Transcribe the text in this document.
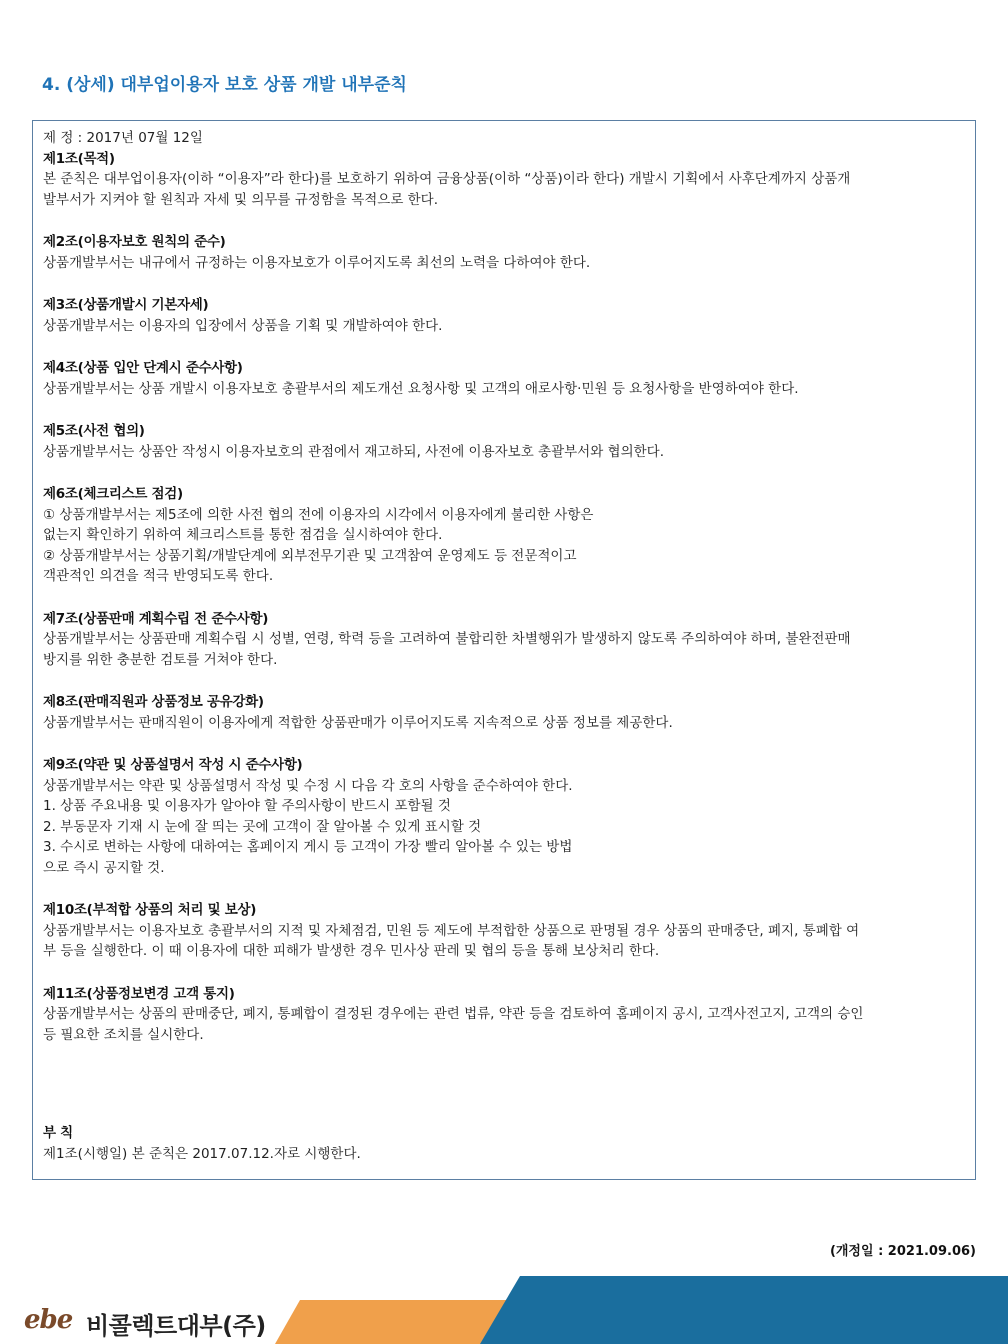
4. (상세) 대부업이용자 보호 상품 개발 내부준칙

제 정 : 2017년 07월 12일

제1조(목적)

본 준칙은 대부업이용자(이하 “이용자”라 한다)를 보호하기 위하여 금융상품(이하 “상품)이라 한다) 개발시 기획에서 사후단계까지 상품개

발부서가 지켜야 할 원칙과 자세 및 의무를 규정함을 목적으로 한다.

제2조(이용자보호 원칙의 준수)

상품개발부서는 내규에서 규정하는 이용자보호가 이루어지도록 최선의 노력을 다하여야 한다.

제3조(상품개발시 기본자세)

상품개발부서는 이용자의 입장에서 상품을 기획 및 개발하여야 한다.

제4조(상품 입안 단계시 준수사항)

상품개발부서는 상품 개발시 이용자보호 총괄부서의 제도개선 요청사항 및 고객의 애로사항·민원 등 요청사항을 반영하여야 한다.

제5조(사전 협의)

상품개발부서는 상품안 작성시 이용자보호의 관점에서 재고하되, 사전에 이용자보호 총괄부서와 협의한다.

제6조(체크리스트 점검)

① 상품개발부서는 제5조에 의한 사전 협의 전에 이용자의 시각에서 이용자에게 불리한 사항은

없는지 확인하기 위하여 체크리스트를 통한 점검을 실시하여야 한다.

② 상품개발부서는 상품기획/개발단계에 외부전무기관 및 고객참여 운영제도 등 전문적이고

객관적인 의견을 적극 반영되도록 한다.

제7조(상품판매 계획수립 전 준수사항)

상품개발부서는 상품판매 계획수립 시 성별, 연령, 학력 등을 고려하여 불합리한 차별행위가 발생하지 않도록 주의하여야 하며, 불완전판매

방지를 위한 충분한 검토를 거쳐야 한다.

제8조(판매직원과 상품정보 공유강화)

상품개발부서는 판매직원이 이용자에게 적합한 상품판매가 이루어지도록 지속적으로 상품 정보를 제공한다.

제9조(약관 및 상품설명서 작성 시 준수사항)

상품개발부서는 약관 및 상품설명서 작성 및 수정 시 다음 각 호의 사항을 준수하여야 한다.

1. 상품 주요내용 및 이용자가 알아야 할 주의사항이 반드시 포함될 것

2. 부동문자 기재 시 눈에 잘 띄는 곳에 고객이 잘 알아볼 수 있게 표시할 것

3. 수시로 변하는 사항에 대하여는 홈페이지 게시 등 고객이 가장 빨리 알아볼 수 있는 방법

으로 즉시 공지할 것.

제10조(부적합 상품의 처리 및 보상)

상품개발부서는 이용자보호 총괄부서의 지적 및 자체점검, 민원 등 제도에 부적합한 상품으로 판명될 경우 상품의 판매중단, 폐지, 통폐합 여

부 등을 실행한다. 이 때 이용자에 대한 피해가 발생한 경우 민사상 판레 및 협의 등을 통해 보상처리 한다.

제11조(상품정보변경 고객 통지)

상품개발부서는 상품의 판매중단, 폐지, 통폐합이 결정된 경우에는 관련 법류, 약관 등을 검토하여 홈페이지 공시, 고객사전고지, 고객의 승인

등 필요한 조치를 실시한다.

부 칙

제1조(시행일) 본 준칙은 2017.07.12.자로 시행한다.

(개정일 : 2021.09.06)
ebe 비콜렉트대부(주)
